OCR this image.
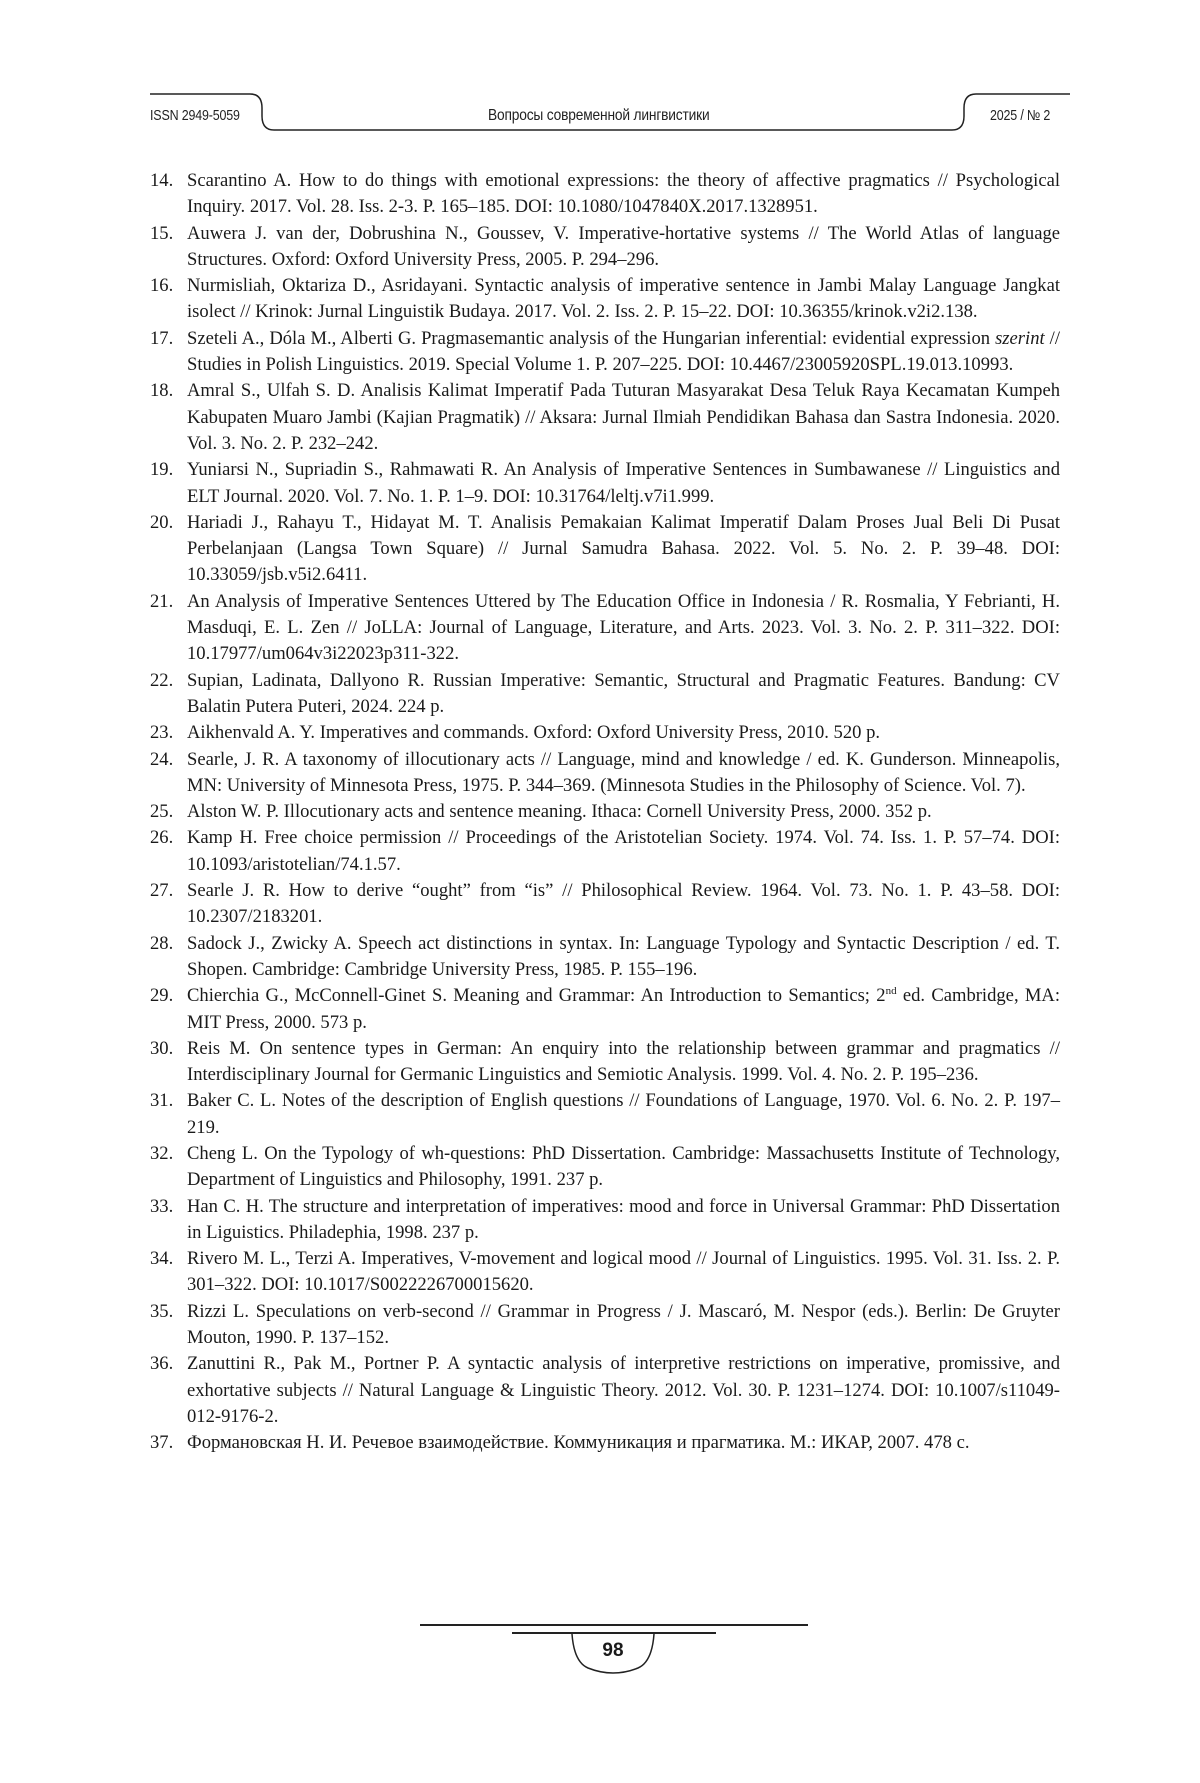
ISSN 2949-5059	Вопросы современной лингвистики	2025 / № 2
14. Scarantino A. How to do things with emotional expressions: the theory of affective pragmatics // Psychological Inquiry. 2017. Vol. 28. Iss. 2-3. P. 165–185. DOI: 10.1080/1047840X.2017.1328951.
15. Auwera J. van der, Dobrushina N., Goussev, V. Imperative-hortative systems // The World Atlas of language Structures. Oxford: Oxford University Press, 2005. P. 294–296.
16. Nurmisliah, Oktariza D., Asridayani. Syntactic analysis of imperative sentence in Jambi Malay Language Jangkat isolect // Krinok: Jurnal Linguistik Budaya. 2017. Vol. 2. Iss. 2. P. 15–22. DOI: 10.36355/krinok.v2i2.138.
17. Szeteli A., Dóla M., Alberti G. Pragmasemantic analysis of the Hungarian inferential: evidential expression szerint // Studies in Polish Linguistics. 2019. Special Volume 1. P. 207–225. DOI: 10.4467/23005920SPL.19.013.10993.
18. Amral S., Ulfah S. D. Analisis Kalimat Imperatif Pada Tuturan Masyarakat Desa Teluk Raya Kecamatan Kumpeh Kabupaten Muaro Jambi (Kajian Pragmatik) // Aksara: Jurnal Ilmiah Pendidikan Bahasa dan Sastra Indonesia. 2020. Vol. 3. No. 2. P. 232–242.
19. Yuniarsi N., Supriadin S., Rahmawati R. An Analysis of Imperative Sentences in Sumbawanese // Linguistics and ELT Journal. 2020. Vol. 7. No. 1. P. 1–9. DOI: 10.31764/leltj.v7i1.999.
20. Hariadi J., Rahayu T., Hidayat M. T. Analisis Pemakaian Kalimat Imperatif Dalam Proses Jual Beli Di Pusat Perbelanjaan (Langsa Town Square) // Jurnal Samudra Bahasa. 2022. Vol. 5. No. 2. P. 39–48. DOI: 10.33059/jsb.v5i2.6411.
21. An Analysis of Imperative Sentences Uttered by The Education Office in Indonesia / R. Rosmalia, Y Febrianti, H. Masduqi, E. L. Zen // JoLLA: Journal of Language, Literature, and Arts. 2023. Vol. 3. No. 2. P. 311–322. DOI: 10.17977/um064v3i22023p311-322.
22. Supian, Ladinata, Dallyono R. Russian Imperative: Semantic, Structural and Pragmatic Features. Bandung: CV Balatin Putera Puteri, 2024. 224 p.
23. Aikhenvald A. Y. Imperatives and commands. Oxford: Oxford University Press, 2010. 520 p.
24. Searle, J. R. A taxonomy of illocutionary acts // Language, mind and knowledge / ed. K. Gunderson. Minneapolis, MN: University of Minnesota Press, 1975. P. 344–369. (Minnesota Studies in the Philosophy of Science. Vol. 7).
25. Alston W. P. Illocutionary acts and sentence meaning. Ithaca: Cornell University Press, 2000. 352 p.
26. Kamp H. Free choice permission // Proceedings of the Aristotelian Society. 1974. Vol. 74. Iss. 1. P. 57–74. DOI: 10.1093/aristotelian/74.1.57.
27. Searle J. R. How to derive “ought” from “is” // Philosophical Review. 1964. Vol. 73. No. 1. P. 43–58. DOI: 10.2307/2183201.
28. Sadock J., Zwicky A. Speech act distinctions in syntax. In: Language Typology and Syntactic Description / ed. T. Shopen. Cambridge: Cambridge University Press, 1985. P. 155–196.
29. Chierchia G., McConnell-Ginet S. Meaning and Grammar: An Introduction to Semantics; 2nd ed. Cambridge, MA: MIT Press, 2000. 573 p.
30. Reis M. On sentence types in German: An enquiry into the relationship between grammar and pragmatics // Interdisciplinary Journal for Germanic Linguistics and Semiotic Analysis. 1999. Vol. 4. No. 2. P. 195–236.
31. Baker C. L. Notes of the description of English questions // Foundations of Language, 1970. Vol. 6. No. 2. P. 197–219.
32. Cheng L. On the Typology of wh-questions: PhD Dissertation. Cambridge: Massachusetts Institute of Technology, Department of Linguistics and Philosophy, 1991. 237 p.
33. Han C. H. The structure and interpretation of imperatives: mood and force in Universal Grammar: PhD Dissertation in Liguistics. Philadephia, 1998. 237 p.
34. Rivero M. L., Terzi A. Imperatives, V-movement and logical mood // Journal of Linguistics. 1995. Vol. 31. Iss. 2. P. 301–322. DOI: 10.1017/S0022226700015620.
35. Rizzi L. Speculations on verb-second // Grammar in Progress / J. Mascaró, M. Nespor (eds.). Berlin: De Gruyter Mouton, 1990. P. 137–152.
36. Zanuttini R., Pak M., Portner P. A syntactic analysis of interpretive restrictions on imperative, promissive, and exhortative subjects // Natural Language & Linguistic Theory. 2012. Vol. 30. P. 1231–1274. DOI: 10.1007/s11049-012-9176-2.
37. Формановская Н. И. Речевое взаимодействие. Коммуникация и прагматика. М.: ИКАР, 2007. 478 с.
98
